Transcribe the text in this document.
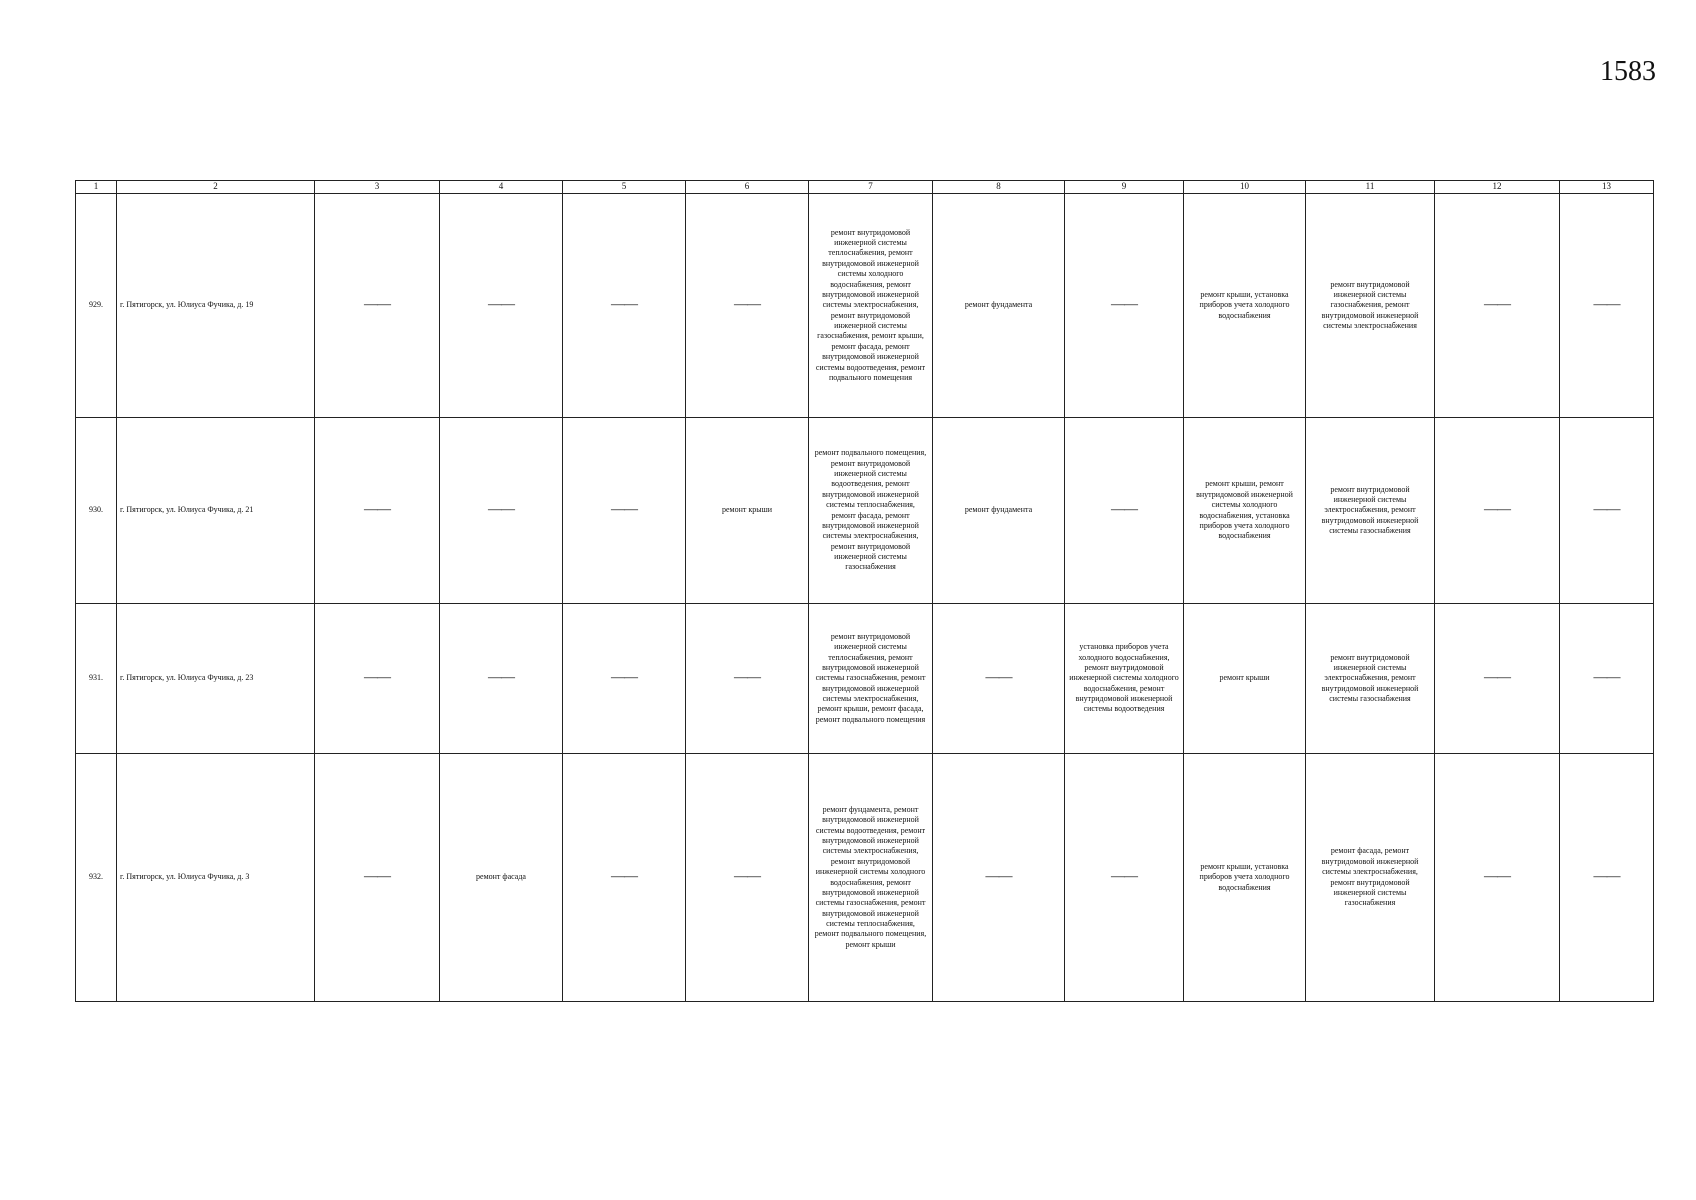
1583
1	2	3	4	5	6	7	8	9	10	11	12	13
929.	г. Пятигорск, ул. Юлиуса Фучика, д. 19	——	——	——	——	ремонт внутридомовой инженерной системы теплоснабжения, ремонт внутридомовой инженерной системы холодного водоснабжения, ремонт внутридомовой инженерной системы электроснабжения, ремонт внутридомовой инженерной системы газоснабжения, ремонт крыши, ремонт фасада, ремонт внутридомовой инженерной системы водоотведения, ремонт подвального помещения	ремонт фундамента	——	ремонт крыши, установка приборов учета холодного водоснабжения	ремонт внутридомовой инженерной системы газоснабжения, ремонт внутридомовой инженерной системы электроснабжения	——	——
930.	г. Пятигорск, ул. Юлиуса Фучика, д. 21	——	——	——	ремонт крыши	ремонт подвального помещения, ремонт внутридомовой инженерной системы водоотведения, ремонт внутридомовой инженерной системы теплоснабжения, ремонт фасада, ремонт внутридомовой инженерной системы электроснабжения, ремонт внутридомовой инженерной системы газоснабжения	ремонт фундамента	——	ремонт крыши, ремонт внутридомовой инженерной системы холодного водоснабжения, установка приборов учета холодного водоснабжения	ремонт внутридомовой инженерной системы электроснабжения, ремонт внутридомовой инженерной системы газоснабжения	——	——
931.	г. Пятигорск, ул. Юлиуса Фучика, д. 23	——	——	——	——	ремонт внутридомовой инженерной системы теплоснабжения, ремонт внутридомовой инженерной системы газоснабжения, ремонт внутридомовой инженерной системы электроснабжения, ремонт крыши, ремонт фасада, ремонт подвального помещения	——	установка приборов учета холодного водоснабжения, ремонт внутридомовой инженерной системы холодного водоснабжения, ремонт внутридомовой инженерной системы водоотведения	ремонт крыши	ремонт внутридомовой инженерной системы электроснабжения, ремонт внутридомовой инженерной системы газоснабжения	——	——
932.	г. Пятигорск, ул. Юлиуса Фучика, д. 3	——	ремонт фасада	——	——	ремонт фундамента, ремонт внутридомовой инженерной системы водоотведения, ремонт внутридомовой инженерной системы электроснабжения, ремонт внутридомовой инженерной системы холодного водоснабжения, ремонт внутридомовой инженерной системы газоснабжения, ремонт внутридомовой инженерной системы теплоснабжения, ремонт подвального помещения, ремонт крыши	——	——	ремонт крыши, установка приборов учета холодного водоснабжения	ремонт фасада, ремонт внутридомовой инженерной системы электроснабжения, ремонт внутридомовой инженерной системы газоснабжения	——	——
